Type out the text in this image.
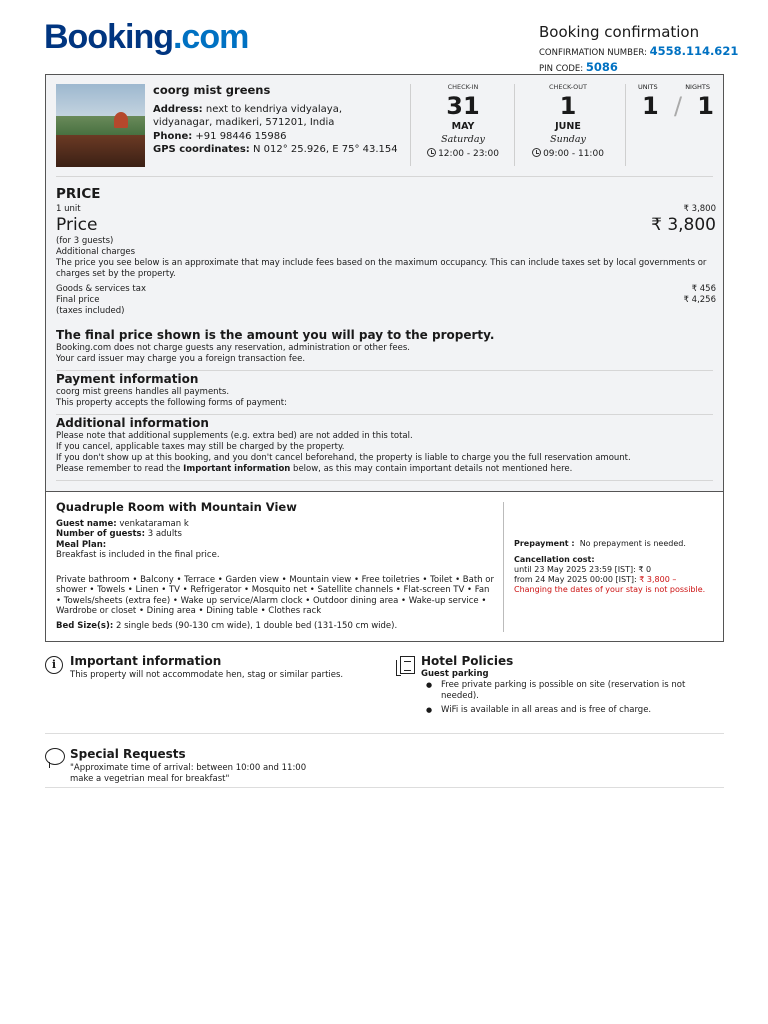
Booking.com	Booking confirmation
CONFIRMATION NUMBER: 4558.114.621
PIN CODE: 5086
coorg mist greens
Address: next to kendriya vidyalaya, vidyanagar, madikeri, 571201, India
Phone: +91 98446 15986
GPS coordinates: N 012° 25.926, E 75° 43.154
CHECK-IN
31
MAY
Saturday
12:00 - 23:00
CHECK-OUT
1
JUNE
Sunday
09:00 - 11:00
UNITS	NIGHTS
1 / 1
PRICE
1 unit	₹ 3,800
Price	₹ 3,800
(for 3 guests)
Additional charges
The price you see below is an approximate that may include fees based on the maximum occupancy. This can include taxes set by local governments or charges set by the property.
Goods & services tax	₹ 456
Final price	₹ 4,256
(taxes included)
The final price shown is the amount you will pay to the property.
Booking.com does not charge guests any reservation, administration or other fees.
Your card issuer may charge you a foreign transaction fee.
Payment information
coorg mist greens handles all payments.
This property accepts the following forms of payment:
Additional information
Please note that additional supplements (e.g. extra bed) are not added in this total.
If you cancel, applicable taxes may still be charged by the property.
If you don't show up at this booking, and you don't cancel beforehand, the property is liable to charge you the full reservation amount.
Please remember to read the Important information below, as this may contain important details not mentioned here.
Quadruple Room with Mountain View
Guest name: venkataraman k
Number of guests: 3 adults
Meal Plan:
Breakfast is included in the final price.
Private bathroom • Balcony • Terrace • Garden view • Mountain view • Free toiletries • Toilet • Bath or shower • Towels • Linen • TV • Refrigerator • Mosquito net • Satellite channels • Flat-screen TV • Fan • Towels/sheets (extra fee) • Wake up service/Alarm clock • Outdoor dining area • Wake-up service • Wardrobe or closet • Dining area • Dining table • Clothes rack
Bed Size(s): 2 single beds (90-130 cm wide), 1 double bed (131-150 cm wide).
Prepayment : No prepayment is needed.
Cancellation cost:
until 23 May 2025 23:59 [IST]: ₹ 0
from 24 May 2025 00:00 [IST]: ₹ 3,800 –
Changing the dates of your stay is not possible.
i	Important information
This property will not accommodate hen, stag or similar parties.
Hotel Policies
Guest parking
● Free private parking is possible on site (reservation is not needed).
● WiFi is available in all areas and is free of charge.
Special Requests
"Approximate time of arrival: between 10:00 and 11:00
make a vegetrian meal for breakfast"
